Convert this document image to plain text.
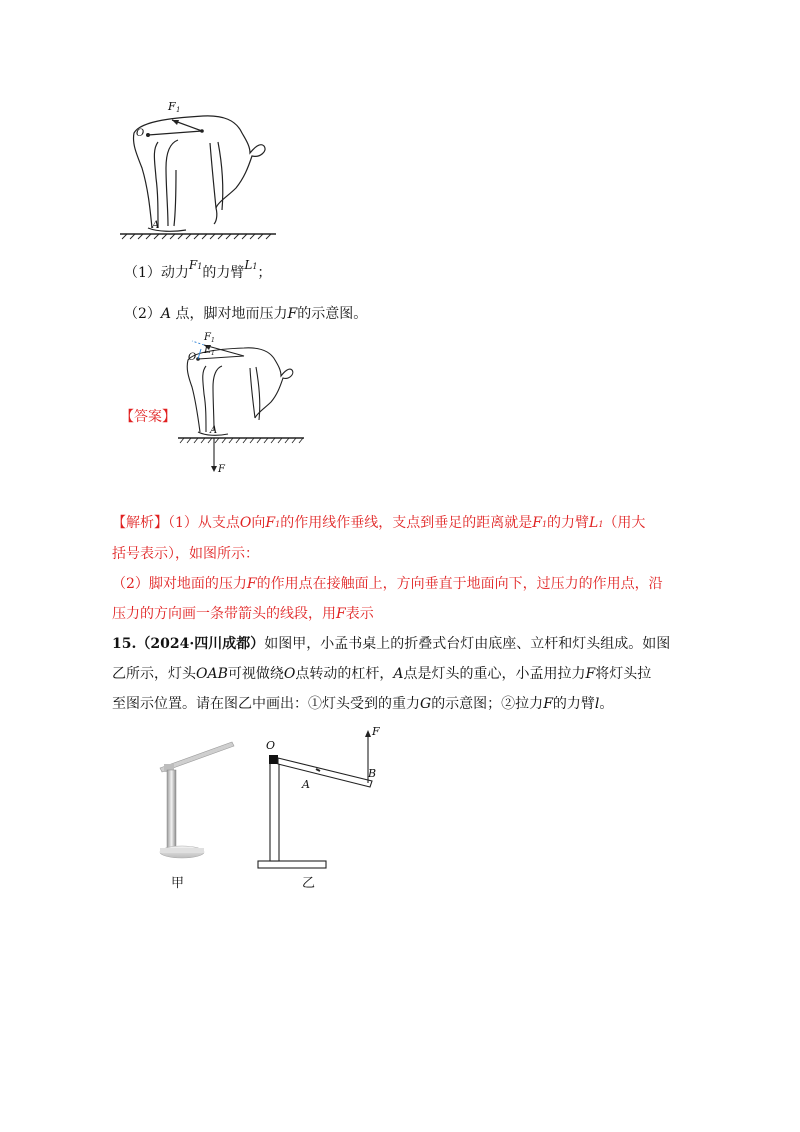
F 1
O
A
（1）动力F1的力臂L1；
（2）A 点，脚对地而压力F的示意图。
【答案】
F 1
L 1
O
A
F
【解析】（1）从支点O向F1的作用线作垂线，支点到垂足的距离就是F1的力臂L1（用大
括号表示），如图所示：
（2）脚对地面的压力F的作用点在接触面上，方向垂直于地面向下，过压力的作用点，沿
压力的方向画一条带箭头的线段，用F表示
15.（2024·四川成都）如图甲，小孟书桌上的折叠式台灯由底座、立杆和灯头组成。如图
乙所示，灯头OAB可视做绕O点转动的杠杆，A点是灯头的重心，小孟用拉力F将灯头拉
至图示位置。请在图乙中画出：①灯头受到的重力G的示意图；②拉力F的力臂l。
甲
O
A
B
F
乙
